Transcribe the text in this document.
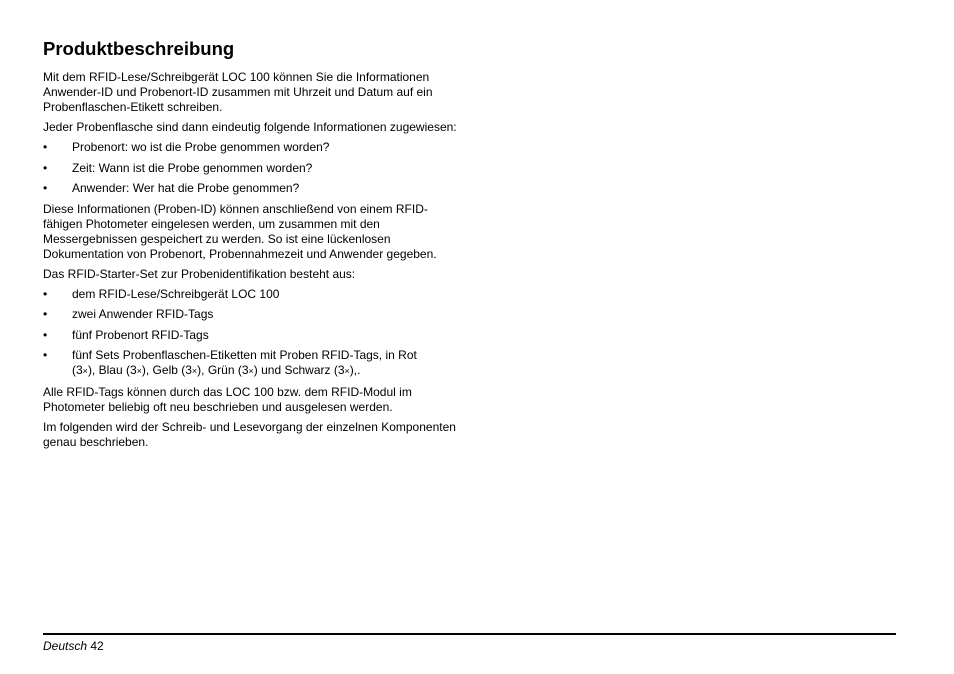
Produktbeschreibung

Mit dem RFID-Lese/Schreibgerät LOC 100 können Sie die Informationen Anwender-ID und Probenort-ID zusammen mit Uhrzeit und Datum auf ein Probenflaschen-Etikett schreiben.

Jeder Probenflasche sind dann eindeutig folgende Informationen zugewiesen:

• Probenort: wo ist die Probe genommen worden?
• Zeit: Wann ist die Probe genommen worden?
• Anwender: Wer hat die Probe genommen?

Diese Informationen (Proben-ID) können anschließend von einem RFID-fähigen Photometer eingelesen werden, um zusammen mit den Messergebnissen gespeichert zu werden. So ist eine lückenlosen Dokumentation von Probenort, Probennahmezeit und Anwender gegeben.

Das RFID-Starter-Set zur Probenidentifikation besteht aus:

• dem RFID-Lese/Schreibgerät LOC 100
• zwei Anwender RFID-Tags
• fünf Probenort RFID-Tags
• fünf Sets Probenflaschen-Etiketten mit Proben RFID-Tags, in Rot
(3×), Blau (3×), Gelb (3×), Grün (3×) und Schwarz (3×),.

Alle RFID-Tags können durch das LOC 100 bzw. dem RFID-Modul im Photometer beliebig oft neu beschrieben und ausgelesen werden.

Im folgenden wird der Schreib- und Lesevorgang der einzelnen Komponenten genau beschrieben.

Deutsch 42
